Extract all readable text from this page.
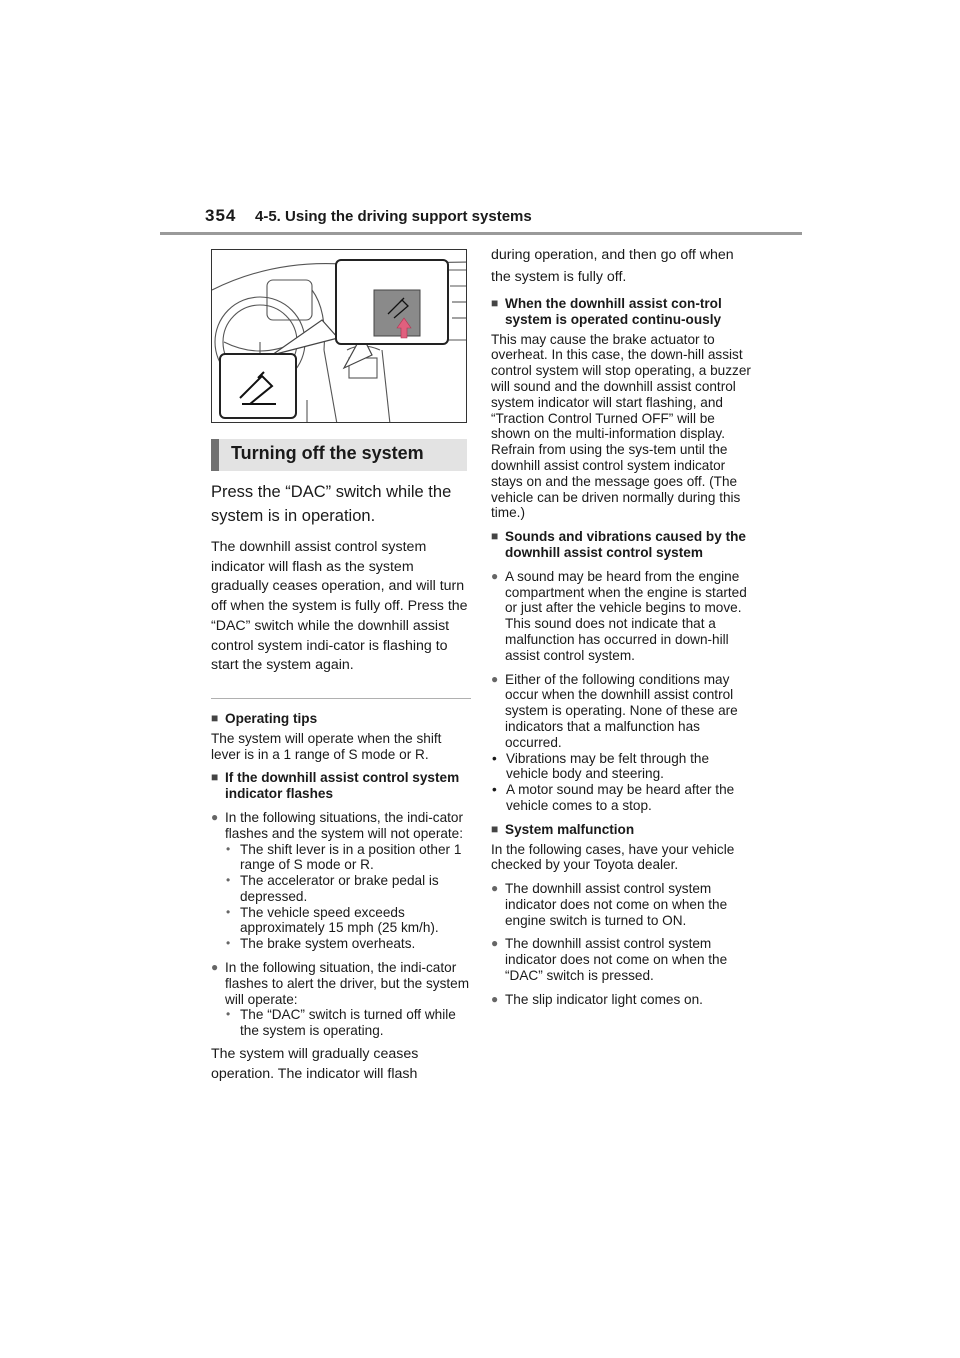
354	4-5. Using the driving support systems
Turning off the system

Press the “DAC” switch while the system is in operation.

The downhill assist control system indicator will flash as the system gradually ceases operation, and will turn off when the system is fully off. Press the “DAC” switch while the downhill assist control system indi-cator is flashing to start the system again.

■ Operating tips

The system will operate when the shift lever is in a 1 range of S mode or R.

■ If the downhill assist control system indicator flashes
● In the following situations, the indi-cator flashes and the system will not operate:
• The shift lever is in a position other 1 range of S mode or R.
• The accelerator or brake pedal is depressed.
• The vehicle speed exceeds approximately 15 mph (25 km/h).
• The brake system overheats.
● In the following situation, the indi-cator flashes to alert the driver, but the system will operate:
• The “DAC” switch is turned off while the system is operating.

The system will gradually ceases operation. The indicator will flash

during operation, and then go off when the system is fully off.

■ When the downhill assist con-trol system is operated continu-ously

This may cause the brake actuator to overheat. In this case, the down-hill assist control system will stop operating, a buzzer will sound and the downhill assist control system indicator will start flashing, and “Traction Control Turned OFF” will be shown on the multi-information display. Refrain from using the sys-tem until the downhill assist control system indicator stays on and the message goes off. (The vehicle can be driven normally during this time.)

■ Sounds and vibrations caused by the downhill assist control system
● A sound may be heard from the engine compartment when the engine is started or just after the vehicle begins to move. This sound does not indicate that a malfunction has occurred in down-hill assist control system.
● Either of the following conditions may occur when the downhill assist control system is operating. None of these are indicators that a malfunction has occurred.
• Vibrations may be felt through the vehicle body and steering.
• A motor sound may be heard after the vehicle comes to a stop.
■ System malfunction

In the following cases, have your vehicle checked by your Toyota dealer.

● The downhill assist control system indicator does not come on when the engine switch is turned to ON.
● The downhill assist control system indicator does not come on when the “DAC” switch is pressed.
● The slip indicator light comes on.
